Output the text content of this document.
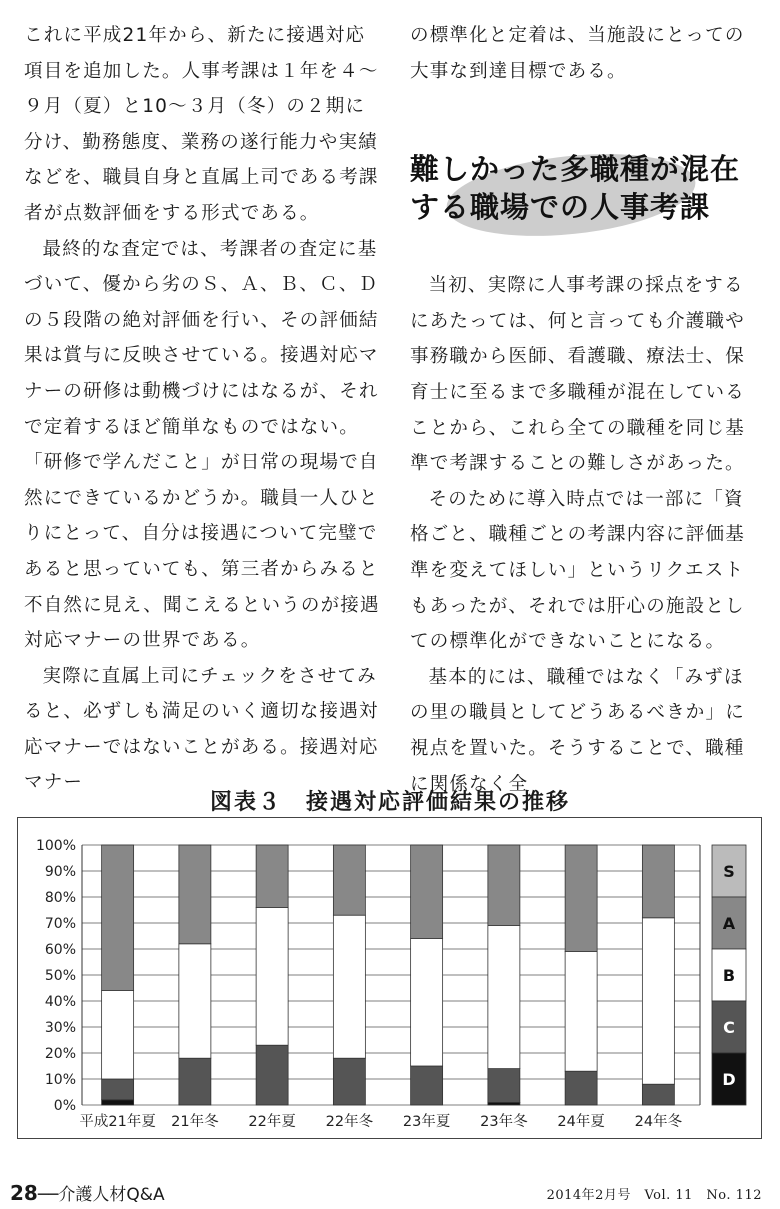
これに平成21年から、新たに接遇対応項目を追加した。人事考課は１年を４～９月（夏）と10～３月（冬）の２期に分け、勤務態度、業務の遂行能力や実績などを、職員自身と直属上司である考課者が点数評価をする形式である。

最終的な査定では、考課者の査定に基づいて、優から劣のＳ、Ａ、Ｂ、Ｃ、Ｄの５段階の絶対評価を行い、その評価結果は賞与に反映させている。接遇対応マナーの研修は動機づけにはなるが、それで定着するほど簡単なものではない。

「研修で学んだこと」が日常の現場で自然にできているかどうか。職員一人ひとりにとって、自分は接遇について完璧であると思っていても、第三者からみると不自然に見え、聞こえるというのが接遇対応マナーの世界である。

実際に直属上司にチェックをさせてみると、必ずしも満足のいく適切な接遇対応マナーではないことがある。接遇対応マナー

の標準化と定着は、当施設にとっての大事な到達目標である。

当初、実際に人事考課の採点をするにあたっては、何と言っても介護職や事務職から医師、看護職、療法士、保育士に至るまで多職種が混在していることから、これら全ての職種を同じ基準で考課することの難しさがあった。

そのために導入時点では一部に「資格ごと、職種ごとの考課内容に評価基準を変えてほしい」というリクエストもあったが、それでは肝心の施設としての標準化ができないことになる。

基本的には、職種ではなく「みずほの里の職員としてどうあるべきか」に視点を置いた。そうすることで、職種に関係なく全

難しかった多職種が混在
する職場での人事考課
図表３　接遇対応評価結果の推移
0%
10%
20%
30%
40%
50%
60%
70%
80%
90%
100%
平成21年夏 21年冬 22年夏 22年冬 23年夏 23年冬 24年夏 24年冬
S
A
B
C
D
28──介護人材Q&A	2014年2月号　Vol. 11　No. 112
